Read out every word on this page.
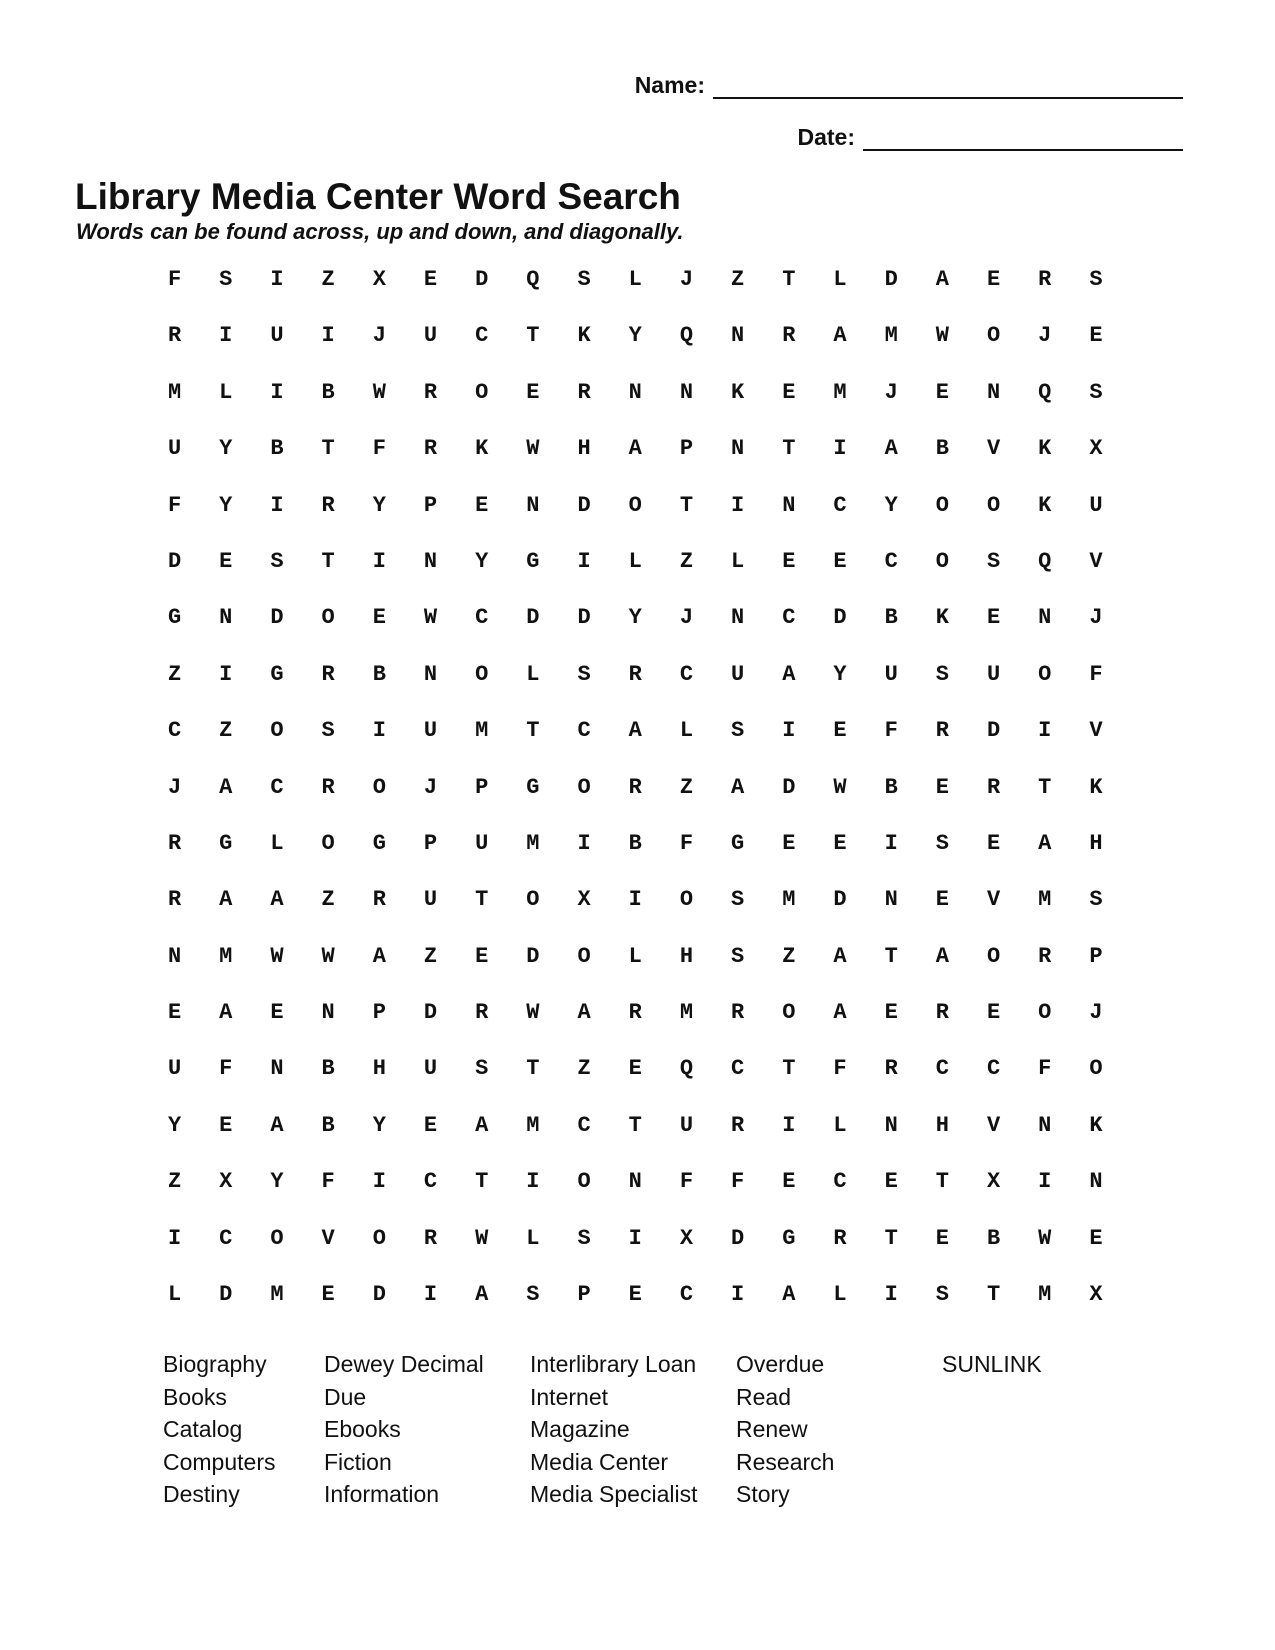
Name:
Date:
Library Media Center Word Search

Words can be found across, up and down, and diagonally.

F	S	I	Z	X	E	D	Q	S	L	J	Z	T	L	D	A	E	R	S
R	I	U	I	J	U	C	T	K	Y	Q	N	R	A	M	W	O	J	E
M	L	I	B	W	R	O	E	R	N	N	K	E	M	J	E	N	Q	S
U	Y	B	T	F	R	K	W	H	A	P	N	T	I	A	B	V	K	X
F	Y	I	R	Y	P	E	N	D	O	T	I	N	C	Y	O	O	K	U
D	E	S	T	I	N	Y	G	I	L	Z	L	E	E	C	O	S	Q	V
G	N	D	O	E	W	C	D	D	Y	J	N	C	D	B	K	E	N	J
Z	I	G	R	B	N	O	L	S	R	C	U	A	Y	U	S	U	O	F
C	Z	O	S	I	U	M	T	C	A	L	S	I	E	F	R	D	I	V
J	A	C	R	O	J	P	G	O	R	Z	A	D	W	B	E	R	T	K
R	G	L	O	G	P	U	M	I	B	F	G	E	E	I	S	E	A	H
R	A	A	Z	R	U	T	O	X	I	O	S	M	D	N	E	V	M	S
N	M	W	W	A	Z	E	D	O	L	H	S	Z	A	T	A	O	R	P
E	A	E	N	P	D	R	W	A	R	M	R	O	A	E	R	E	O	J
U	F	N	B	H	U	S	T	Z	E	Q	C	T	F	R	C	C	F	O
Y	E	A	B	Y	E	A	M	C	T	U	R	I	L	N	H	V	N	K
Z	X	Y	F	I	C	T	I	O	N	F	F	E	C	E	T	X	I	N
I	C	O	V	O	R	W	L	S	I	X	D	G	R	T	E	B	W	E
L	D	M	E	D	I	A	S	P	E	C	I	A	L	I	S	T	M	X
Biography
Books
Catalog
Computers
Destiny
Dewey Decimal
Due
Ebooks
Fiction
Information
Interlibrary Loan
Internet
Magazine
Media Center
Media Specialist
Overdue
Read
Renew
Research
Story
SUNLINK
